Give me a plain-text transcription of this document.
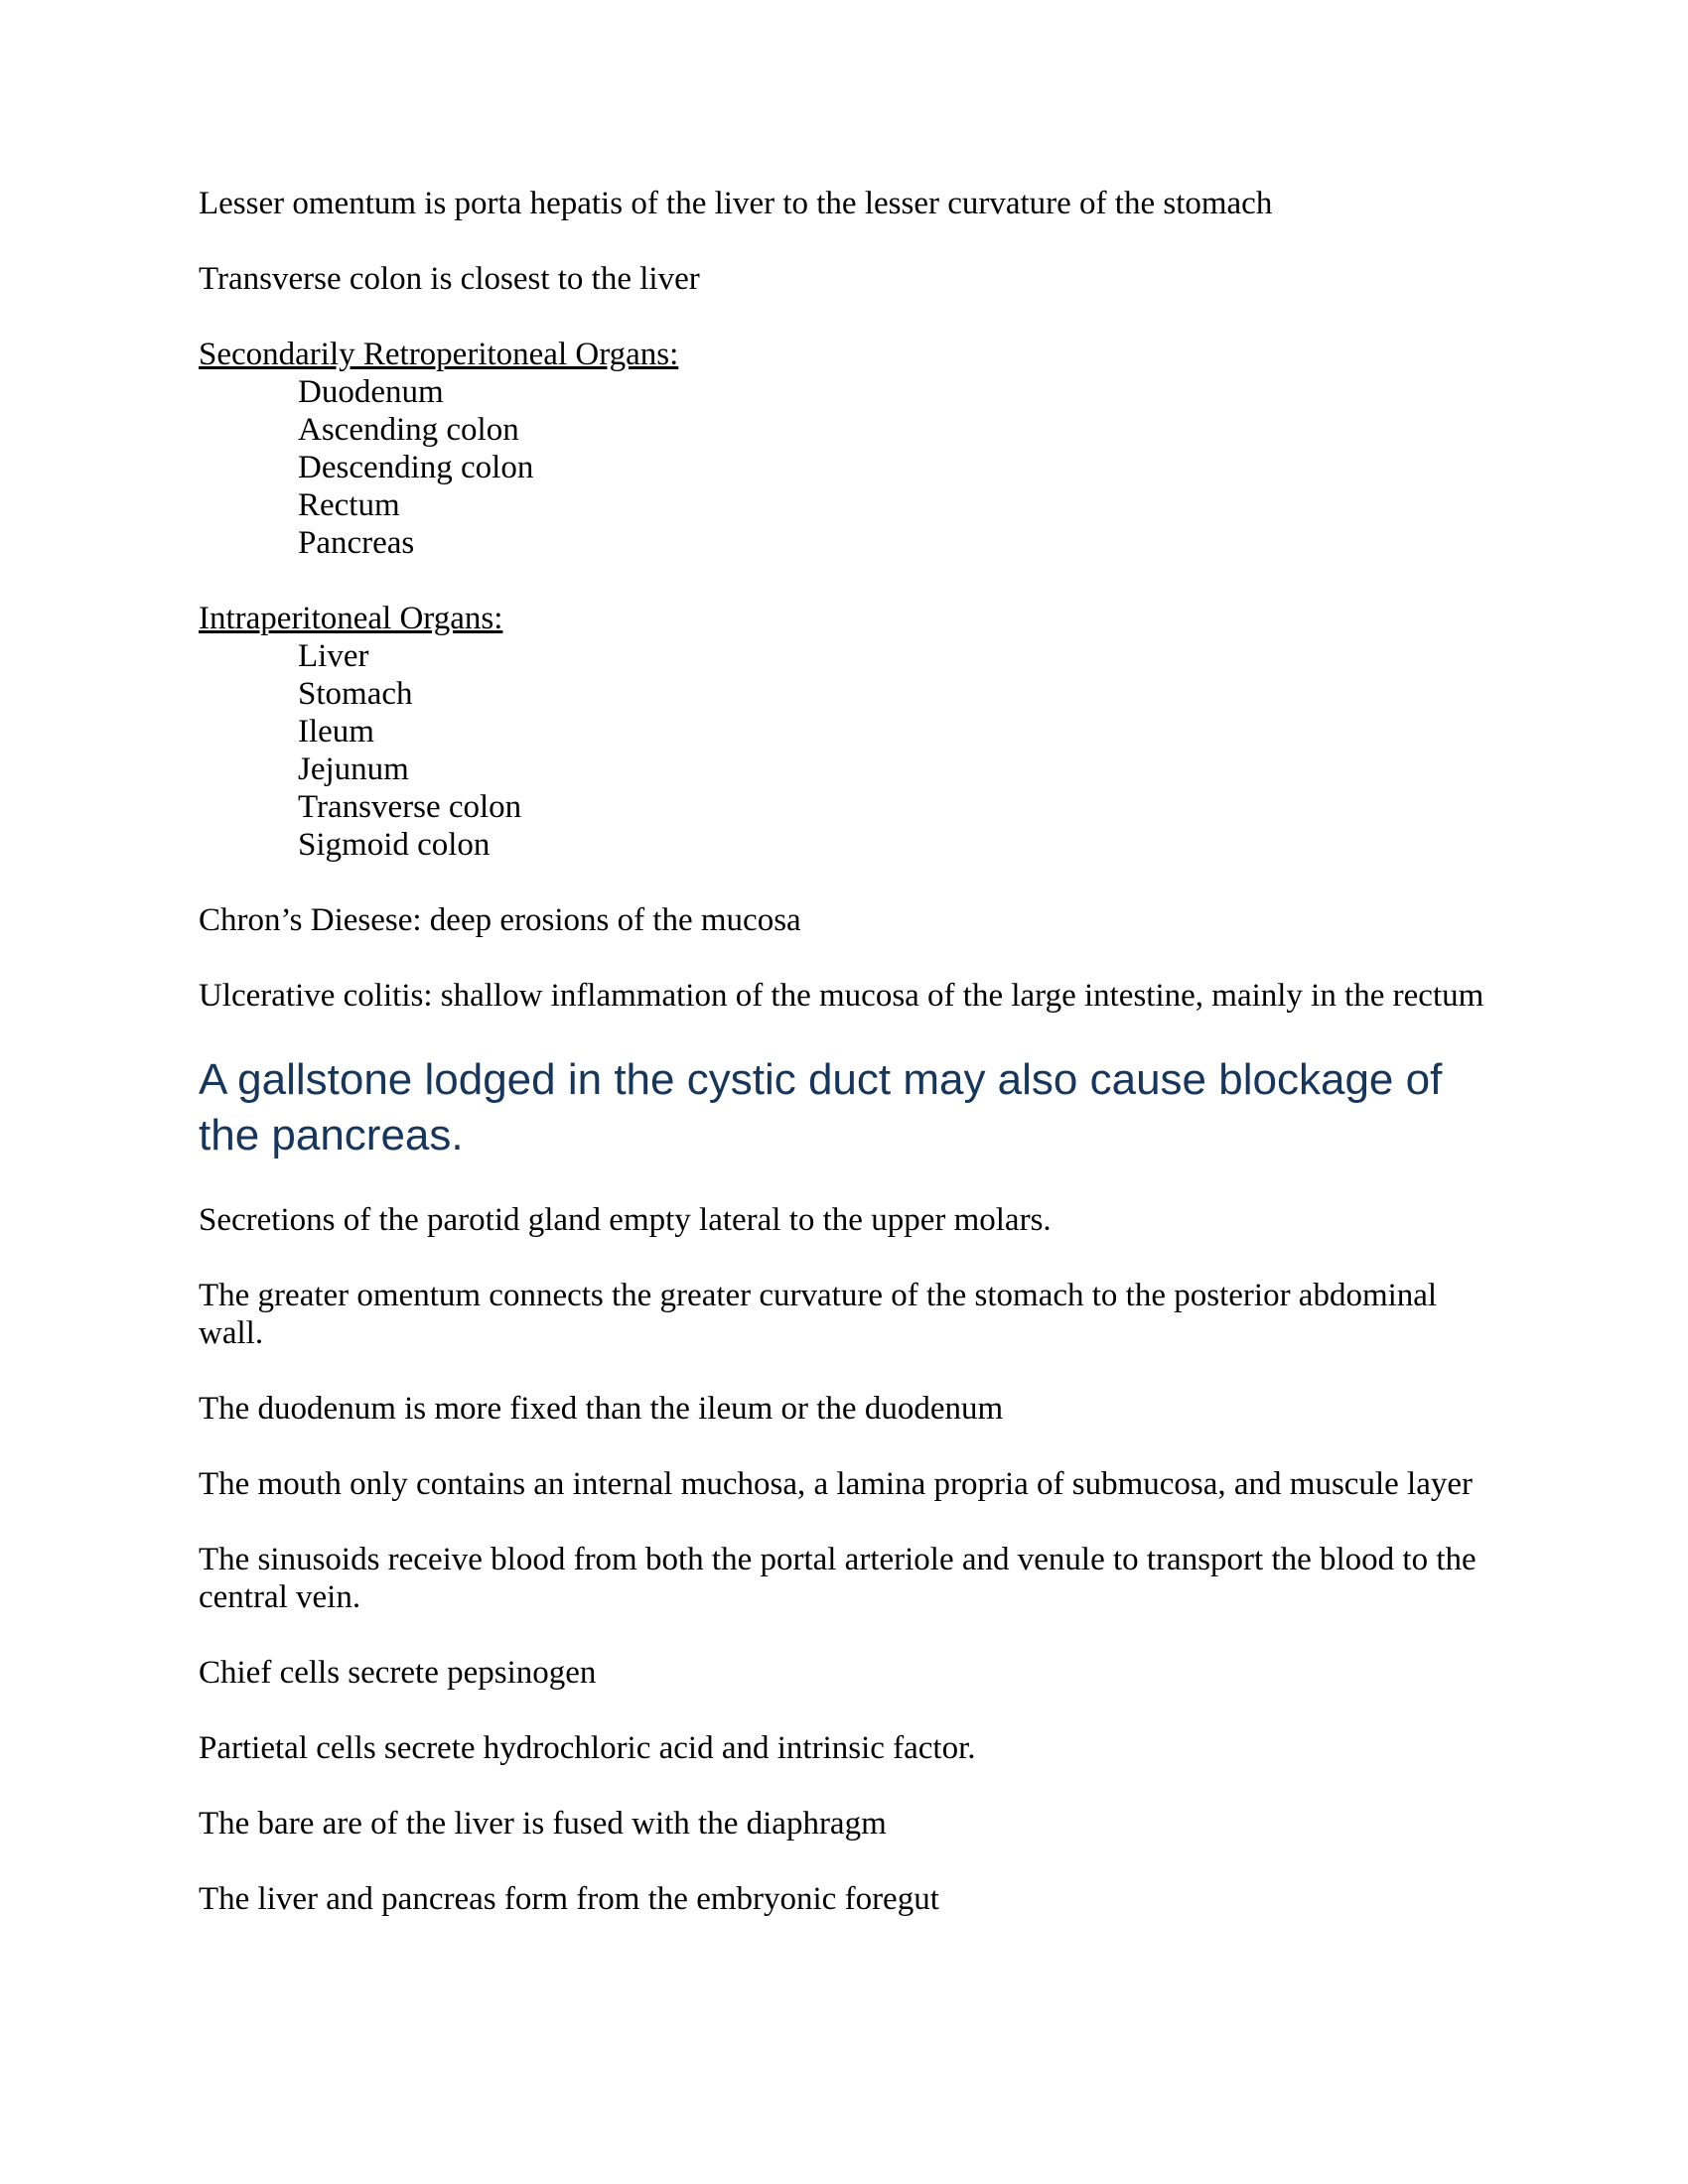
Lesser omentum is porta hepatis of the liver to the lesser curvature of the stomach

Transverse colon is closest to the liver

Secondarily Retroperitoneal Organs:

Duodenum
Ascending colon
Descending colon
Rectum
Pancreas

Intraperitoneal Organs:

Liver
Stomach
Ileum
Jejunum
Transverse colon
Sigmoid colon

Chron’s Diesese: deep erosions of the mucosa

Ulcerative colitis: shallow inflammation of the mucosa of the large intestine, mainly in the rectum

A gallstone lodged in the cystic duct may also cause blockage of the pancreas.

Secretions of the parotid gland empty lateral to the upper molars.

The greater omentum connects the greater curvature of the stomach to the posterior abdominal wall.

The duodenum is more fixed than the ileum or the duodenum

The mouth only contains an internal muchosa, a lamina propria of submucosa, and muscule layer

The sinusoids receive blood from both the portal arteriole and venule to transport the blood to the central vein.

Chief cells secrete pepsinogen

Partietal cells secrete hydrochloric acid and intrinsic factor.

The bare are of the liver is fused with the diaphragm

The liver and pancreas form from the embryonic foregut
